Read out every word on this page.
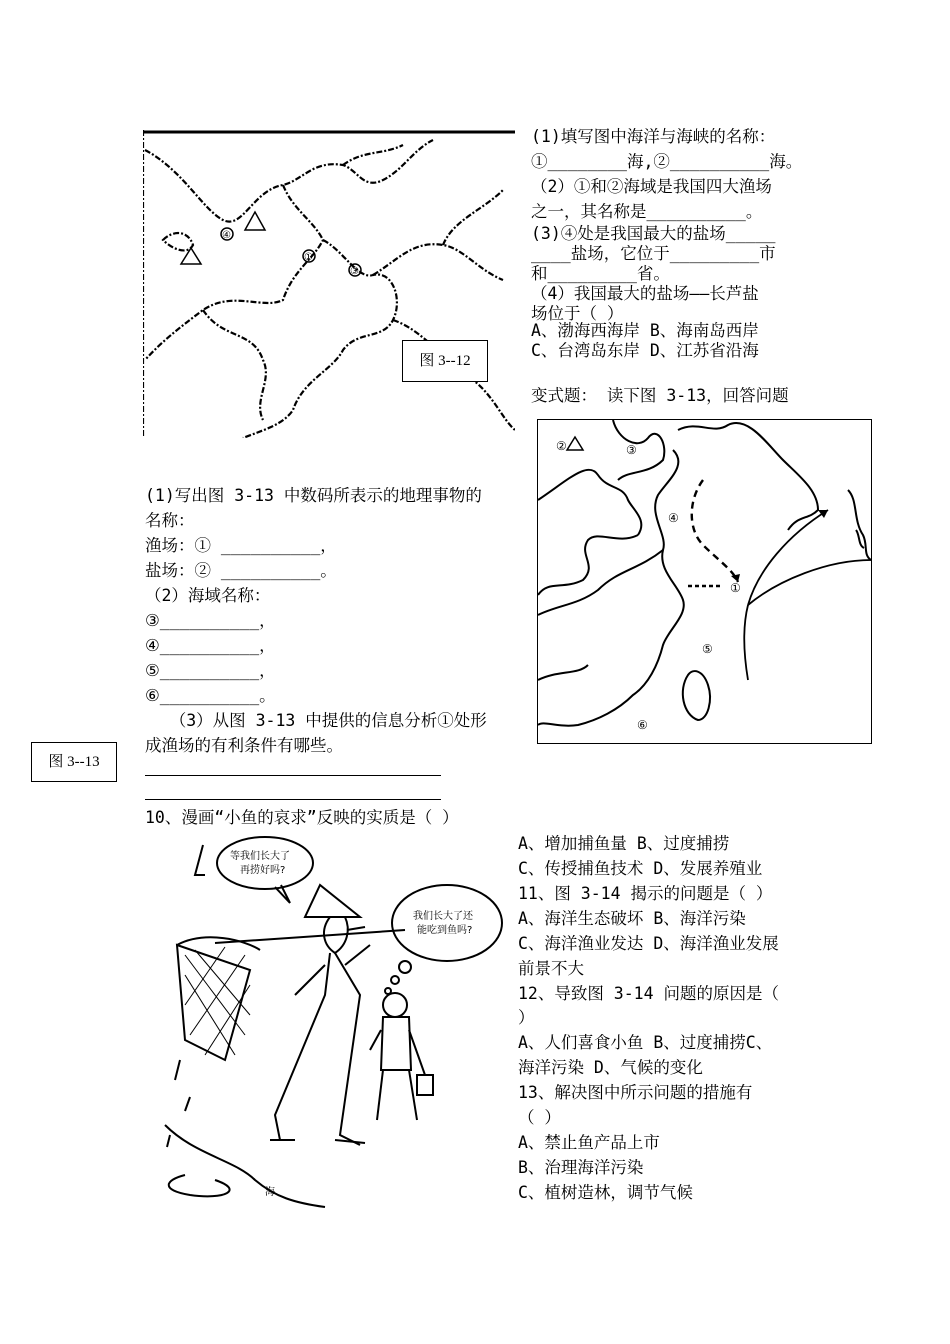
④
①
③
图 3--12
(1)填写图中海洋与海峡的名称：
①________海,②__________海。
（2）①和②海域是我国四大渔场
之一，其名称是__________。
(3)④处是我国最大的盐场_____
____盐场，它位于_________市
和_________省。
（4）我国最大的盐场——长芦盐
场位于（ ）
A、渤海西海岸 B、海南岛西岸
C、台湾岛东岸 D、江苏省沿海
变式题： 读下图 3-13，回答问题
②	③
④
①
⑤
⑥
(1)写出图 3-13 中数码所表示的地理事物的
名称：
渔场：① __________，
盐场：② __________。
（2）海域名称：
③__________，
④__________，
⑤__________，
⑥__________。
　　（3）从图 3-13 中提供的信息分析①处形
成渔场的有利条件有哪些。
图 3--13
10、漫画“小鱼的哀求”反映的实质是（ ）
等我们长大了
再捞好吗?
我们长大了还
能吃到鱼吗?
海
A、增加捕鱼量 B、过度捕捞
C、传授捕鱼技术 D、发展养殖业
11、图 3-14 揭示的问题是（ ）
A、海洋生态破坏 B、海洋污染
C、海洋渔业发达 D、海洋渔业发展
前景不大
12、导致图 3-14 问题的原因是（
）
A、人们喜食小鱼 B、过度捕捞C、
海洋污染 D、气候的变化
13、解决图中所示问题的措施有
（ ）
A、禁止鱼产品上市
B、治理海洋污染
C、植树造林，调节气候
